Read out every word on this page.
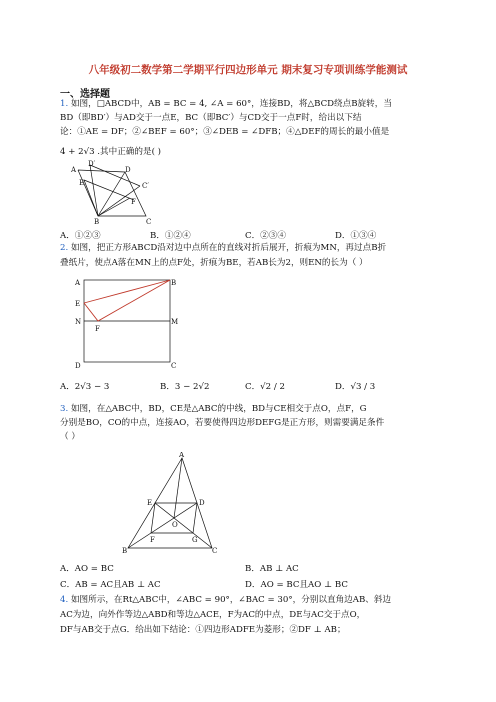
八年级初二数学第二学期平行四边形单元 期末复习专项训练学能测试
一、选择题
1. 如图，□ABCD中，AB = BC = 4, ∠A = 60°，连接BD，将△BCD绕点B旋转，当
BD（即BD′）与AD交于一点E，BC（即BC′）与CD交于一点F时，给出以下结
论：①AE = DF；②∠BEF = 60°；③∠DEB = ∠DFB；④△DEF的周长的最小值是
4 + 2√3 .其中正确的是( )
D′
A
E
D
C′
F
B	C
A．①②③	B．①②④	C．②③④	D．①③④
2. 如图，把正方形ABCD沿对边中点所在的直线对折后展开，折痕为MN，再过点B折
叠纸片，使点A落在MN上的点F处，折痕为BE，若AB长为2，则EN的长为（ ）
A	B
E
N
F
M
D	C
A．2√3 − 3	B．3 − 2√2	C．√2 / 2	D．√3 / 3
3. 如图，在△ABC中，BD，CE是△ABC的中线，BD与CE相交于点O，点F，G
分别是BO，CO的中点，连接AO，若要使得四边形DEFG是正方形，则需要满足条件
（ ）
A
E	D
O
F	G
B	C
A．AO = BC	B．AB ⊥ AC
C．AB = AC且AB ⊥ AC	D．AO = BC且AO ⊥ BC
4. 如图所示，在Rt△ABC中，∠ABC = 90°，∠BAC = 30°，分别以直角边AB、斜边
AC为边，向外作等边△ABD和等边△ACE，F为AC的中点，DE与AC交于点O，
DF与AB交于点G．给出如下结论：①四边形ADFE为菱形；②DF ⊥ AB；
